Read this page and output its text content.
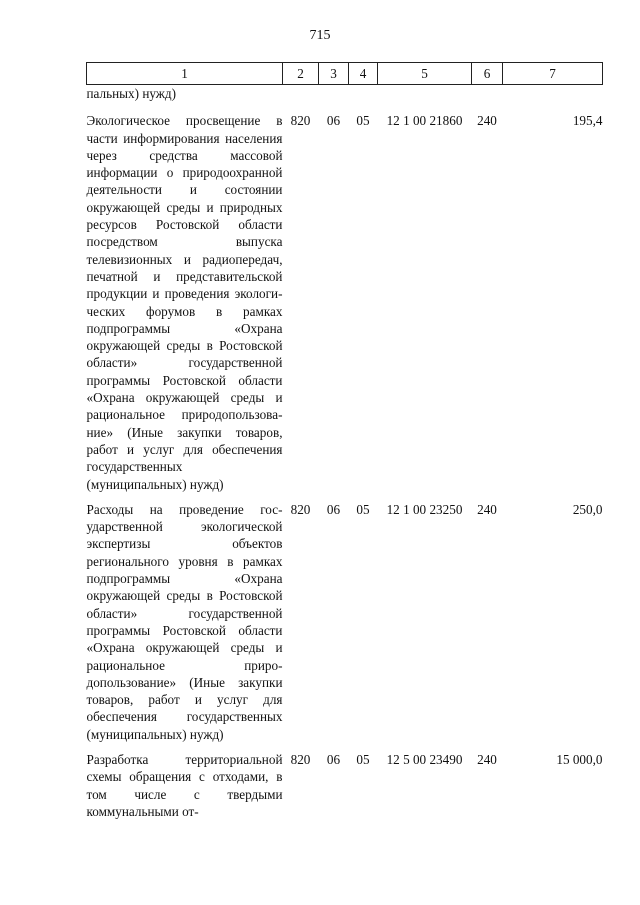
715
1	2	3	4	5	6	7
пальных) нужд)						
Экологическое просвещение в части информирования населения через средства массовой информации о природоохранной деятельности и состоянии окружающей среды и природных ресурсов Ростовской области посредством выпуска телевизионных и радиопередач, печатной и представительской продукции и проведения экологических форумов в рамках подпрограммы «Охрана окружающей среды в Ростовской области» государственной программы Ростовской области «Охрана окружающей среды и рациональное природопользование» (Иные закупки товаров, работ и услуг для обеспечения государственных (муниципальных) нужд)	820	06	05	12 1 00 21860	240	195,4
Расходы на проведение государственной экологической экспертизы объектов регионального уровня в рамках подпрограммы «Охрана окружающей среды в Ростовской области» государственной программы Ростовской области «Охрана окружающей среды и рациональное природопользование» (Иные закупки товаров, работ и услуг для обеспечения государственных (муниципальных) нужд)	820	06	05	12 1 00 23250	240	250,0
Разработка территориальной схемы обращения с отходами, в том числе с твердыми коммунальными от-	820	06	05	12 5 00 23490	240	15 000,0
